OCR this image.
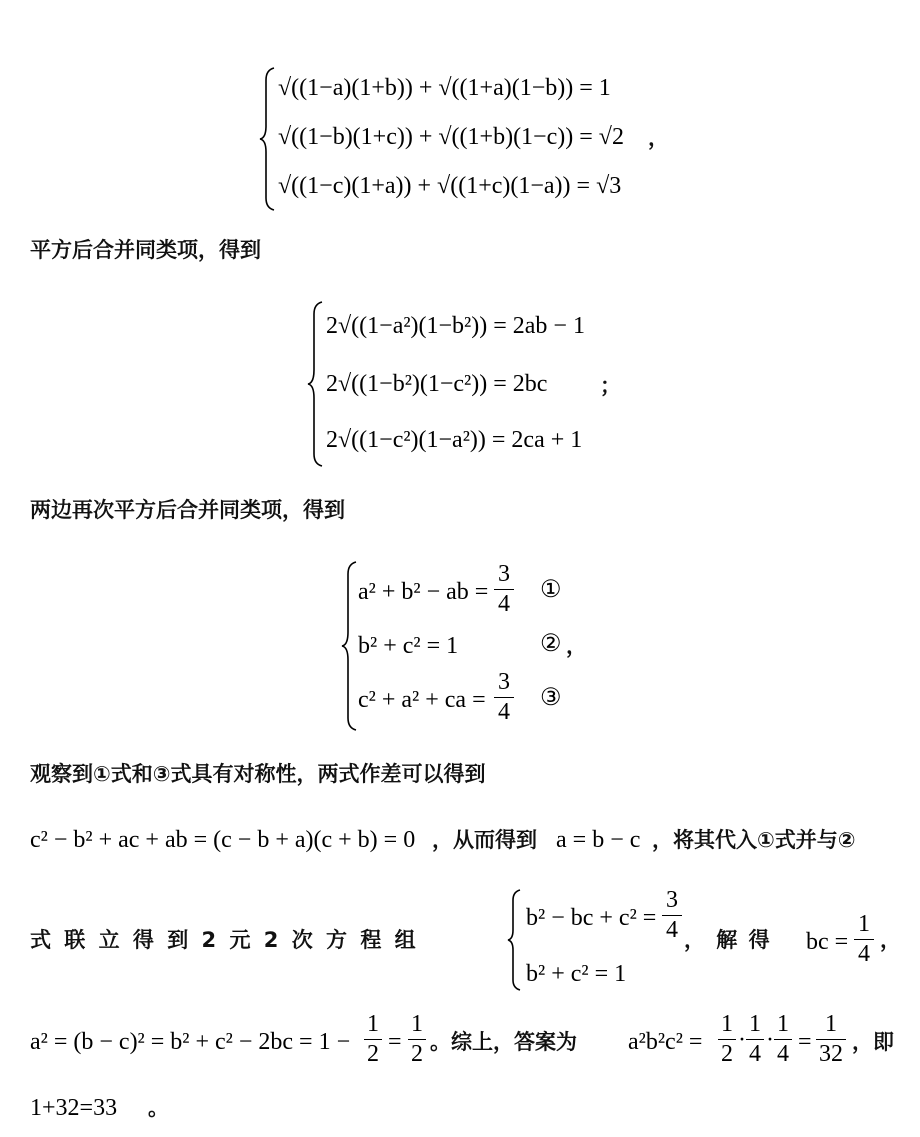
√((1−a)(1+b)) + √((1+a)(1−b)) = 1
√((1−b)(1+c)) + √((1+b)(1−c)) = √2
√((1−c)(1+a)) + √((1+c)(1−a)) = √3
，
平方后合并同类项，得到
2√((1−a²)(1−b²)) = 2ab − 1
2√((1−b²)(1−c²)) = 2bc
2√((1−c²)(1−a²)) = 2ca + 1
；
两边再次平方后合并同类项，得到
a² + b² − ab =
3
4
①
b² + c² = 1	②
c² + a² + ca =
3
4
③
，
观察到①式和③式具有对称性，两式作差可以得到
c² − b² + ac + ab = (c − b + a)(c + b) = 0 ，从而得到 a = b − c ，将其代入①式并与②
式 联 立 得 到 2 元 2 次 方 程 组
b² − bc + c² =
3
4
b² + c² = 1
， 解 得 bc =
1
4
，
a² = (b − c)² = b² + c² − 2bc = 1 −
1
2 =
1
2 。综上，答案为 a²b²c² =
1
2
·
1
4
·
1
4 =
1
32 ，即
1+32=33 。
